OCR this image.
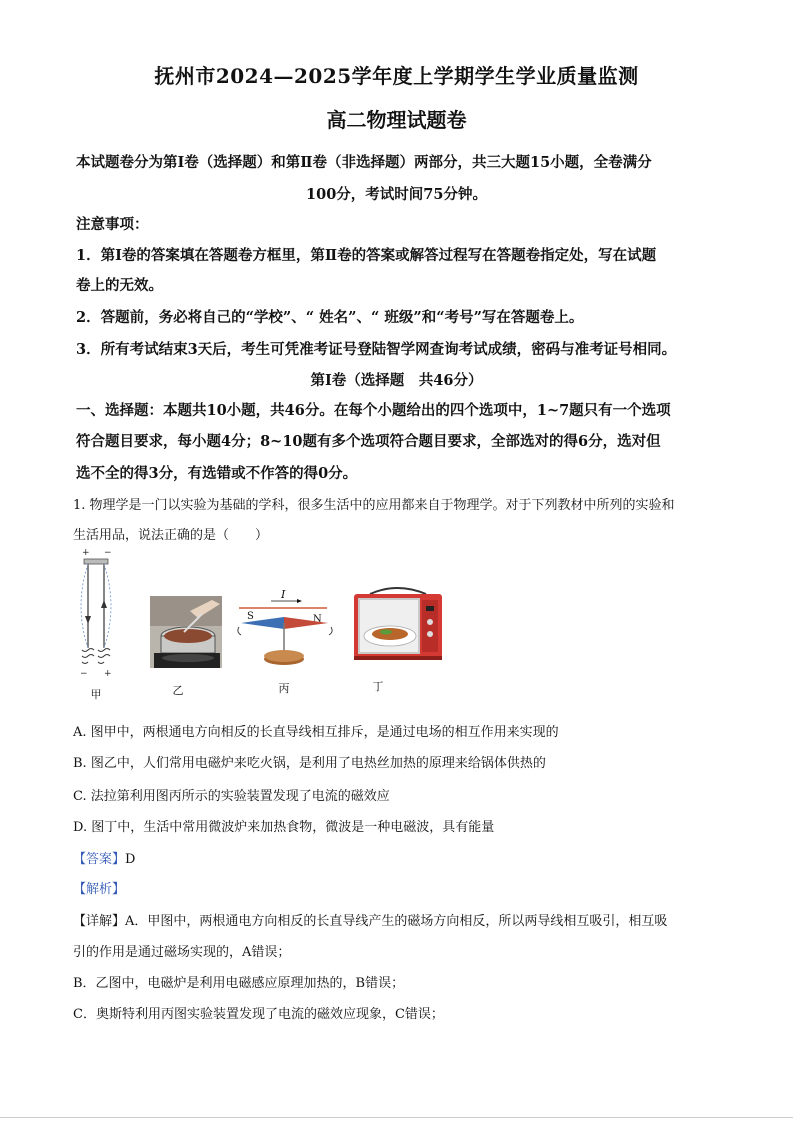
抚州市2024—2025学年度上学期学生学业质量监测
高二物理试题卷
本试题卷分为第Ⅰ卷（选择题）和第Ⅱ卷（非选择题）两部分，共三大题15小题，全卷满分
100分，考试时间75分钟。
注意事项：
1．第Ⅰ卷的答案填在答题卷方框里，第Ⅱ卷的答案或解答过程写在答题卷指定处，写在试题
卷上的无效。
2．答题前，务必将自己的“学校”、“ 姓名”、“ 班级”和“考号”写在答题卷上。
3．所有考试结束3天后，考生可凭准考证号登陆智学网查询考试成绩，密码与准考证号相同。
第Ⅰ卷（选择题　共46分）
一、选择题：本题共10小题，共46分。在每个小题给出的四个选项中，1~7题只有一个选项
符合题目要求，每小题4分；8~10题有多个选项符合题目要求，全部选对的得6分，选对但
选不全的得3分，有选错或不作答的得0分。
1. 物理学是一门以实验为基础的学科，很多生活中的应用都来自于物理学。对于下列教材中所列的实验和
生活用品，说法正确的是（　　）
+ −
− +
I
S	N
甲	乙	丙	丁
A. 图甲中，两根通电方向相反的长直导线相互排斥，是通过电场的相互作用来实现的
B. 图乙中，人们常用电磁炉来吃火锅，是利用了电热丝加热的原理来给锅体供热的
C. 法拉第利用图丙所示的实验装置发现了电流的磁效应
D. 图丁中，生活中常用微波炉来加热食物，微波是一种电磁波，具有能量
【答案】D
【解析】
【详解】A．甲图中，两根通电方向相反的长直导线产生的磁场方向相反，所以两导线相互吸引，相互吸
引的作用是通过磁场实现的，A错误；
B．乙图中，电磁炉是利用电磁感应原理加热的，B错误；
C．奥斯特利用丙图实验装置发现了电流的磁效应现象，C错误；
